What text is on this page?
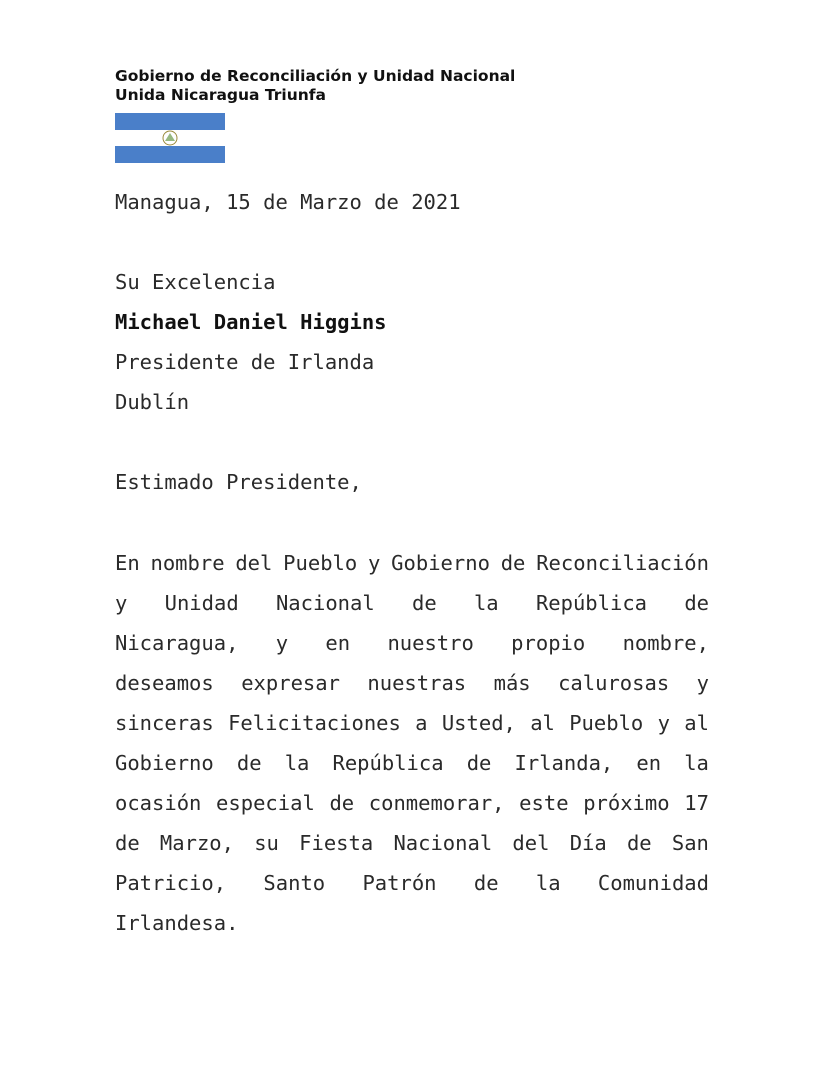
Gobierno de Reconciliación y Unidad Nacional
Unida Nicaragua Triunfa
Managua, 15 de Marzo de 2021
Su Excelencia
Michael Daniel Higgins
Presidente de Irlanda
Dublín
Estimado Presidente,
En nombre del Pueblo y Gobierno de Reconciliación
y Unidad Nacional de la República de
Nicaragua, y en nuestro propio nombre,
deseamos expresar nuestras más calurosas y
sinceras Felicitaciones a Usted, al Pueblo y al
Gobierno de la República de Irlanda, en la
ocasión especial de conmemorar, este próximo 17
de Marzo, su Fiesta Nacional del Día de San
Patricio, Santo Patrón de la Comunidad
Irlandesa.
